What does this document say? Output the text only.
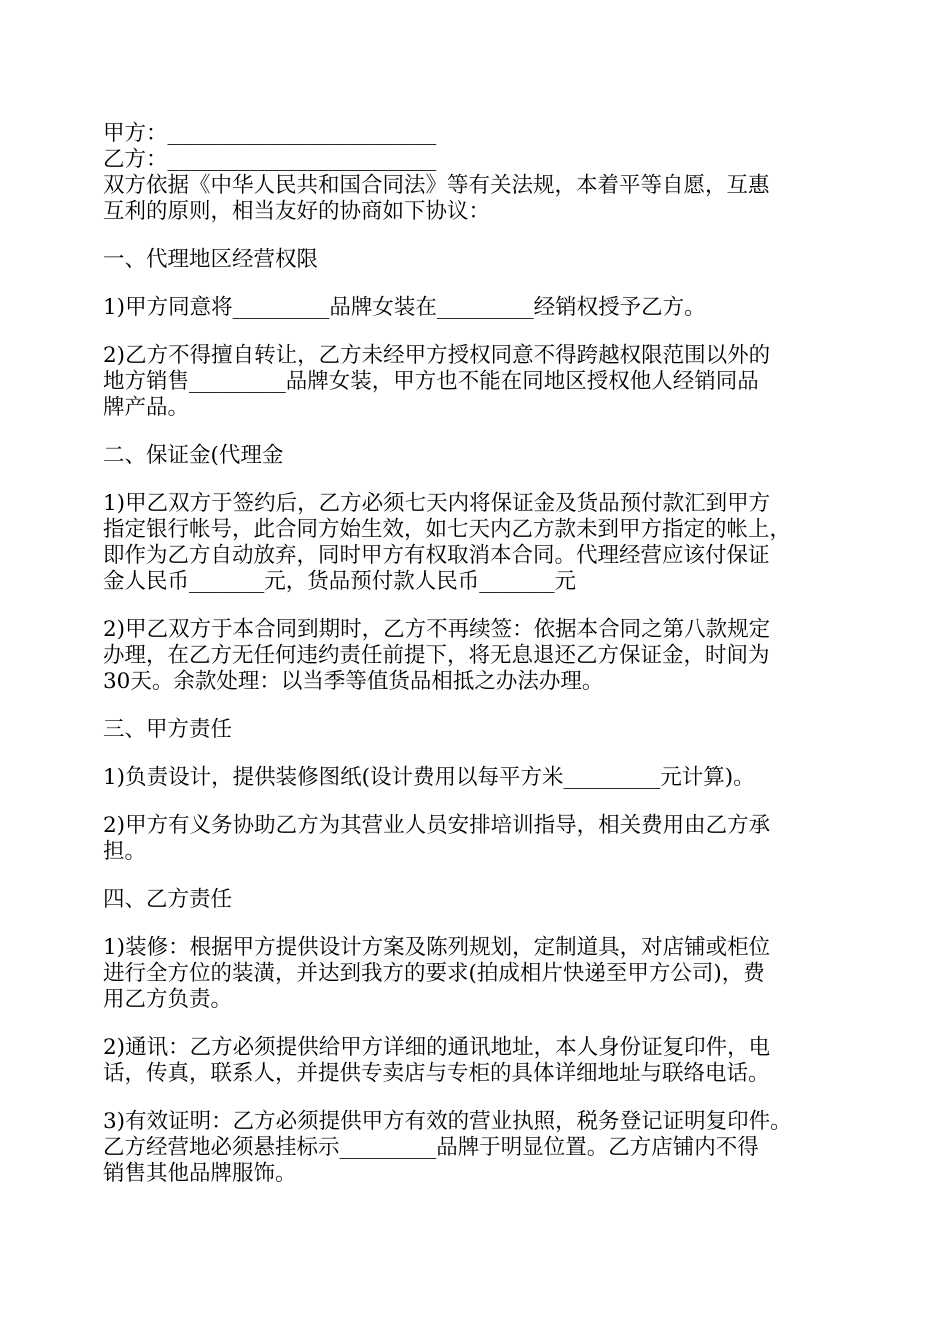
甲方：_________________________
乙方：_________________________
双方依据《中华人民共和国合同法》等有关法规，本着平等自愿，互惠
互利的原则，相当友好的协商如下协议：
一、代理地区经营权限
1)甲方同意将_________品牌女装在_________经销权授予乙方。
2)乙方不得擅自转让，乙方未经甲方授权同意不得跨越权限范围以外的
地方销售_________品牌女装，甲方也不能在同地区授权他人经销同品
牌产品。
二、保证金(代理金
1)甲乙双方于签约后，乙方必须七天内将保证金及货品预付款汇到甲方
指定银行帐号，此合同方始生效，如七天内乙方款未到甲方指定的帐上，
即作为乙方自动放弃，同时甲方有权取消本合同。代理经营应该付保证
金人民币_______元，货品预付款人民币_______元
2)甲乙双方于本合同到期时，乙方不再续签：依据本合同之第八款规定
办理，在乙方无任何违约责任前提下，将无息退还乙方保证金，时间为
30天。余款处理：以当季等值货品相抵之办法办理。
三、甲方责任
1)负责设计，提供装修图纸(设计费用以每平方米_________元计算)。
2)甲方有义务协助乙方为其营业人员安排培训指导，相关费用由乙方承
担。
四、乙方责任
1)装修：根据甲方提供设计方案及陈列规划，定制道具，对店铺或柜位
进行全方位的装潢，并达到我方的要求(拍成相片快递至甲方公司)，费
用乙方负责。
2)通讯：乙方必须提供给甲方详细的通讯地址，本人身份证复印件，电
话，传真，联系人，并提供专卖店与专柜的具体详细地址与联络电话。
3)有效证明：乙方必须提供甲方有效的营业执照，税务登记证明复印件。
乙方经营地必须悬挂标示_________品牌于明显位置。乙方店铺内不得
销售其他品牌服饰。
